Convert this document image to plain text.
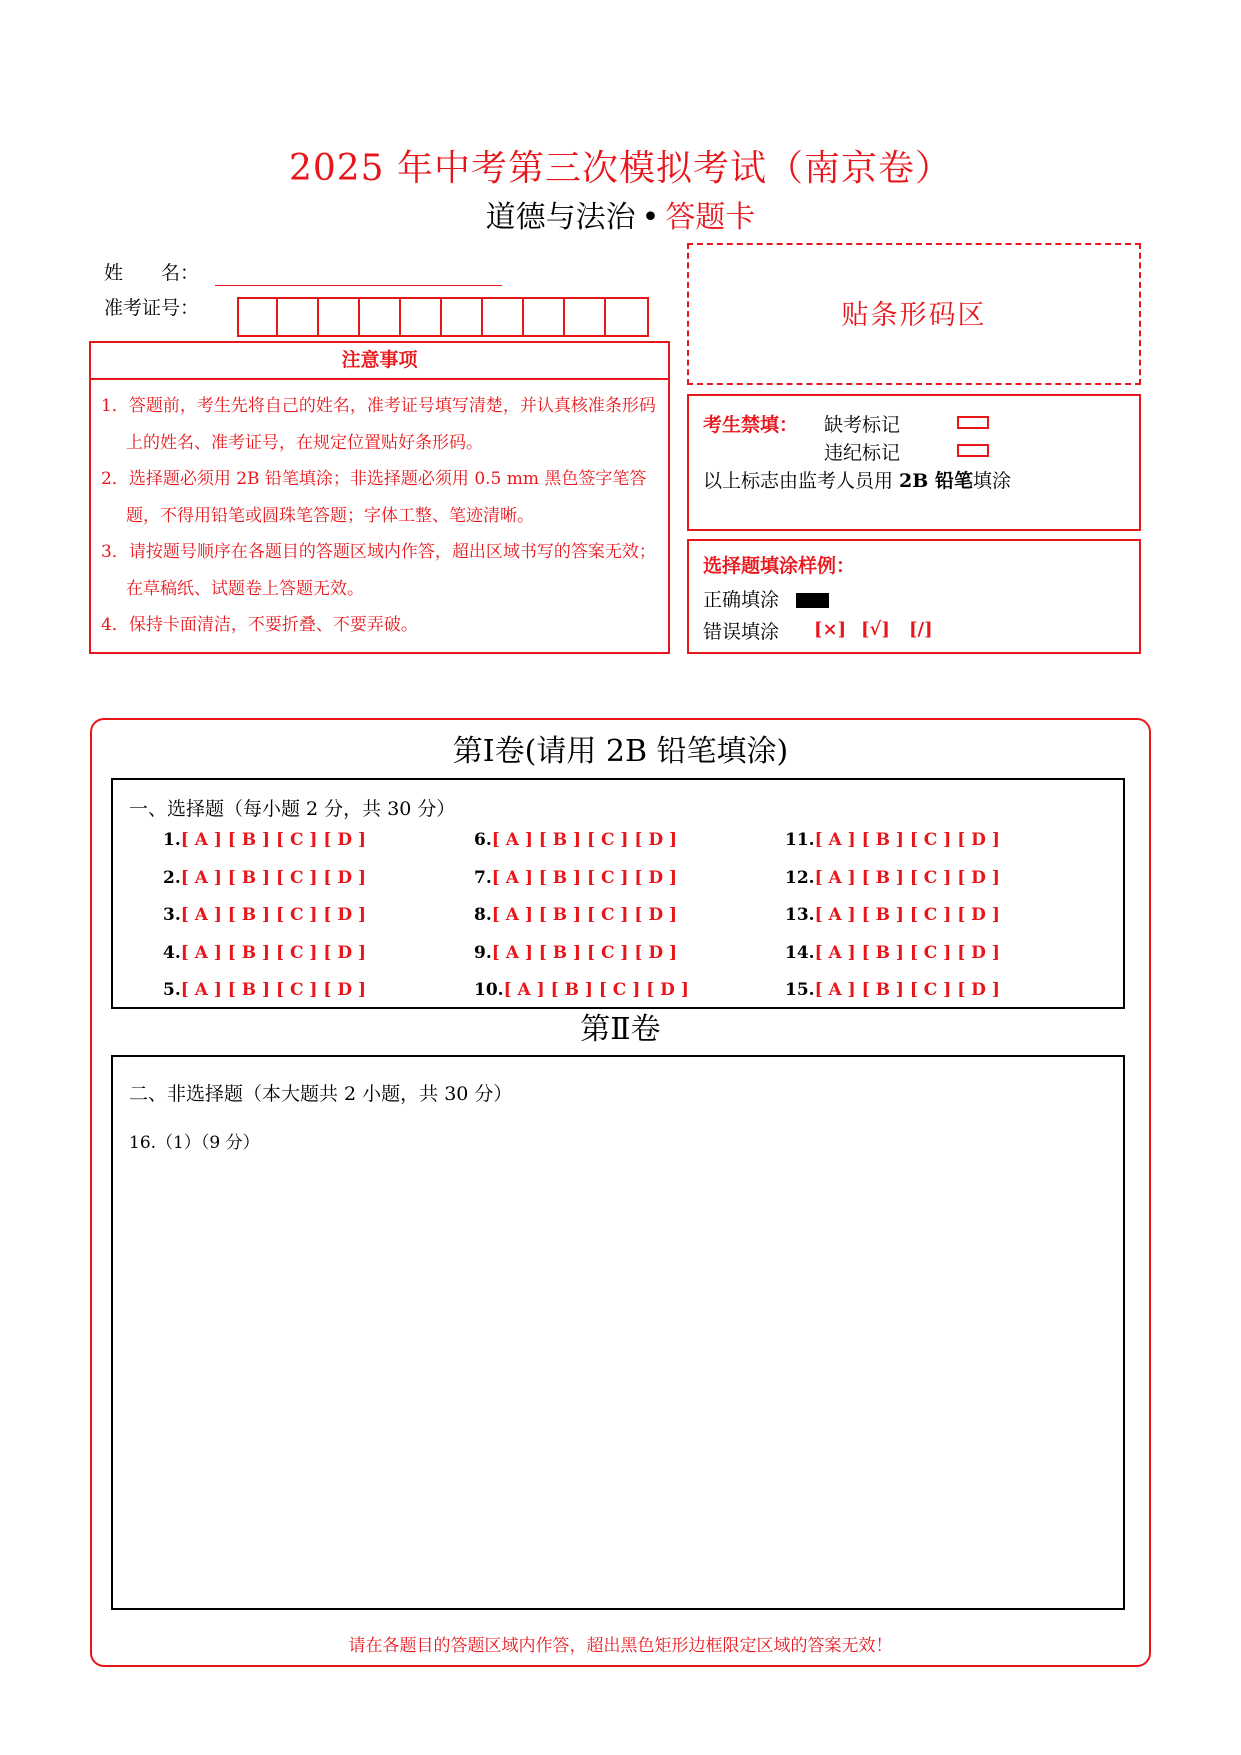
2025 年中考第三次模拟考试（南京卷）
道德与法治 • 答题卡
姓　　名：
准考证号：	贴条形码区
注意事项

1．答题前，考生先将自己的姓名，准考证号填写清楚，并认真核准条形码上的姓名、准考证号，在规定位置贴好条形码。

2．选择题必须用 2B 铅笔填涂；非选择题必须用 0.5 mm 黑色签字笔答题，不得用铅笔或圆珠笔答题；字体工整、笔迹清晰。

3．请按题号顺序在各题目的答题区域内作答，超出区域书写的答案无效；在草稿纸、试题卷上答题无效。

4．保持卡面清洁，不要折叠、不要弄破。

考生禁填： 缺考标记
违纪标记
以上标志由监考人员用 2B 铅笔填涂
选择题填涂样例：
正确填涂
错误填涂 [×] [√] [/]
第Ⅰ卷(请用 2B 铅笔填涂)
一、选择题（每小题 2 分，共 30 分）
1.[ A ] [ B ] [ C ] [ D ]
2.[ A ] [ B ] [ C ] [ D ]
3.[ A ] [ B ] [ C ] [ D ]
4.[ A ] [ B ] [ C ] [ D ]
5.[ A ] [ B ] [ C ] [ D ]
6.[ A ] [ B ] [ C ] [ D ]
7.[ A ] [ B ] [ C ] [ D ]
8.[ A ] [ B ] [ C ] [ D ]
9.[ A ] [ B ] [ C ] [ D ]
10.[ A ] [ B ] [ C ] [ D ]
11.[ A ] [ B ] [ C ] [ D ]
12.[ A ] [ B ] [ C ] [ D ]
13.[ A ] [ B ] [ C ] [ D ]
14.[ A ] [ B ] [ C ] [ D ]
15.[ A ] [ B ] [ C ] [ D ]
第Ⅱ卷
二、非选择题（本大题共 2 小题，共 30 分）
16.（1）（9 分）
请在各题目的答题区域内作答，超出黑色矩形边框限定区域的答案无效！
